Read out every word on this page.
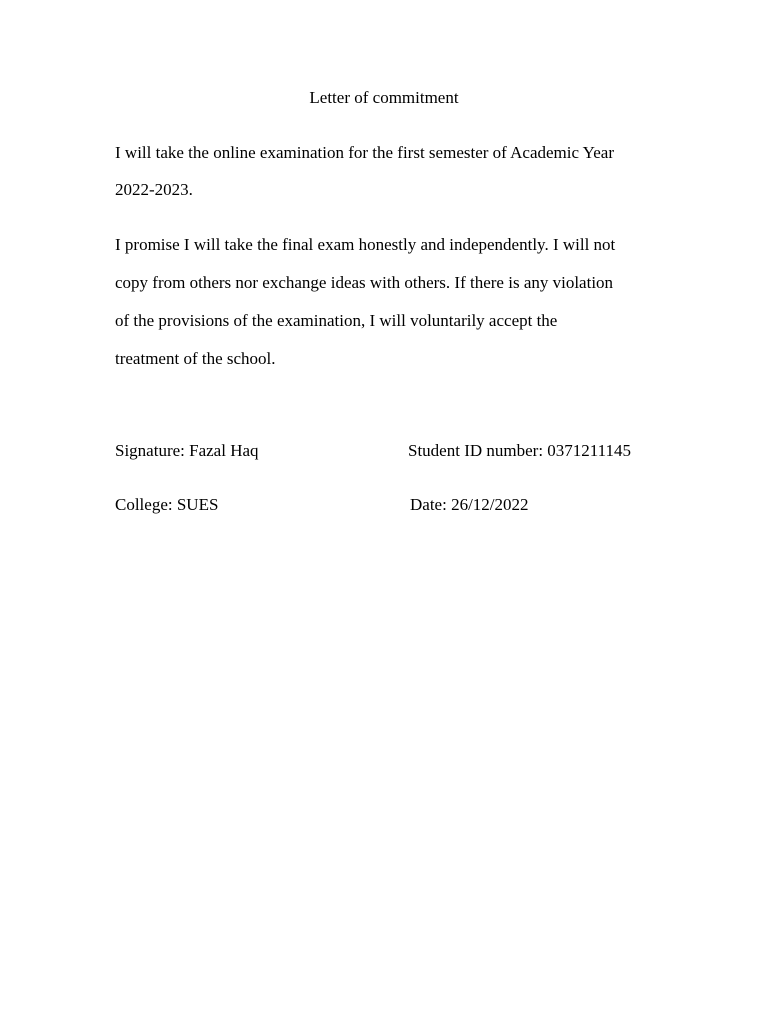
Letter of commitment

I will take the online examination for the first semester of Academic Year

2022-2023.

I promise I will take the final exam honestly and independently. I will not

copy from others nor exchange ideas with others. If there is any violation

of the provisions of the examination, I will voluntarily accept the

treatment of the school.

Signature: Fazal Haq	Student ID number: 0371211145

College: SUES	Date: 26/12/2022
